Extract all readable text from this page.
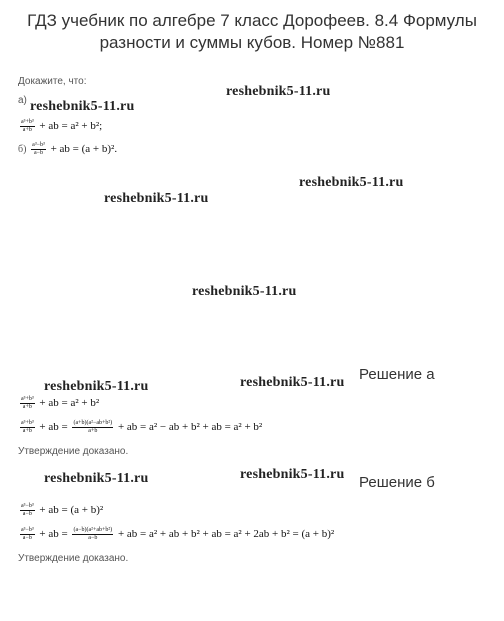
ГДЗ учебник по алгебре 7 класс Дорофеев. 8.4 Формулы
разности и суммы кубов. Номер №881
Докажите, что:
а)
$\frac{\text{a³+b³}}{a+b}$ + ab = a² + b²;
$б) \frac{\text{a³−b³}}{a-b}$ + ab = (a + b)².
reshebnik5-11.ru
reshebnik5-11.ru
reshebnik5-11.ru
reshebnik5-11.ru
reshebnik5-11.ru
reshebnik5-11.ru	reshebnik5-11.ru
reshebnik5-11.ru	reshebnik5-11.ru
Решение а
$\frac{\text{a³+b³}}{a+b}$ + ab = a² + b²
$\frac{\text{a³+b³}}{a+b}$ + ab = $\frac{\text{(a+b)(a²−ab+b²)}}{a+b}$ + ab = a² − ab + b² + ab = a² + b²
Утверждение доказано.
Решение б
$\frac{\text{a³−b³}}{a-b}$ + ab = (a + b)²
$\frac{\text{a³−b³}}{a-b}$ + ab = $\frac{\text{(a−b)(a²+ab+b²)}}{a-b}$ + ab = a² + ab + b² + ab = a² + 2ab + b² = (a + b)²
Утверждение доказано.
